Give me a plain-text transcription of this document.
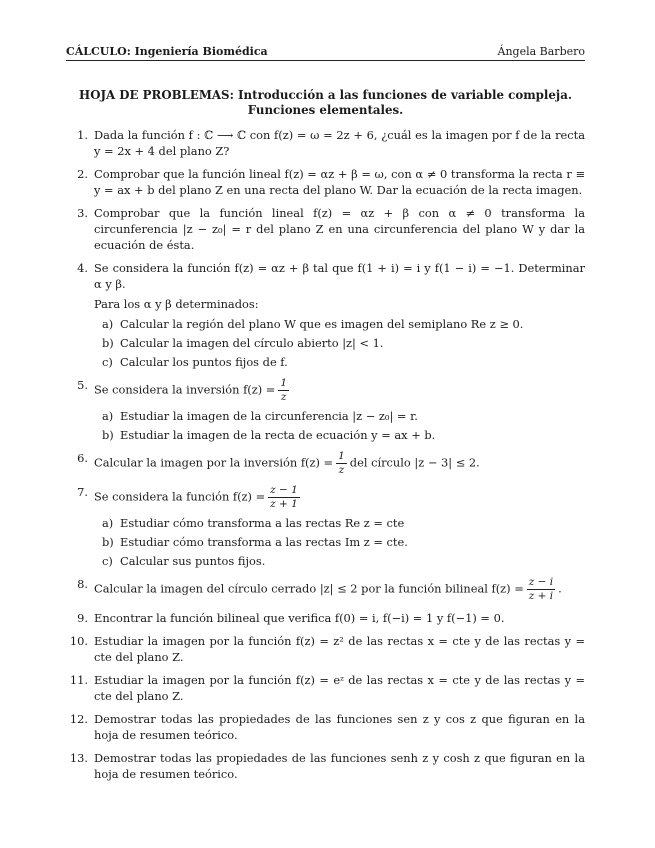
CÁLCULO: Ingeniería Biomédica	Ángela Barbero
HOJA DE PROBLEMAS: Introducción a las funciones de variable compleja.
Funciones elementales.
1. Dada la función f : ℂ ⟶ ℂ con f(z) = ω = 2z + 6, ¿cuál es la imagen por f de la recta y = 2x + 4 del plano Z?
2. Comprobar que la función lineal f(z) = αz + β = ω, con α ≠ 0 transforma la recta r ≡ y = ax + b del plano Z en una recta del plano W. Dar la ecuación de la recta imagen.
3. Comprobar que la función lineal f(z) = αz + β con α ≠ 0 transforma la circunferencia |z − z₀| = r del plano Z en una circunferencia del plano W y dar la ecuación de ésta.
4. Se considera la función f(z) = αz + β tal que f(1 + i) = i y f(1 − i) = −1. Determinar α y β.
Para los α y β determinados:
a) Calcular la región del plano W que es imagen del semiplano Re z ≥ 0.
b) Calcular la imagen del círculo abierto |z| < 1.
c) Calcular los puntos fijos de f.
5. Se considera la inversión $f(z) = \frac{1}{z}$
a) Estudiar la imagen de la circunferencia |z − z₀| = r.
b) Estudiar la imagen de la recta de ecuación y = ax + b.
6. Calcular la imagen por la inversión $f(z) = \frac{1}{z}$ del círculo |z − 3| ≤ 2.
7. Se considera la función $f(z) = \frac{z - 1}{z + 1}$
a) Estudiar cómo transforma a las rectas Re z = cte
b) Estudiar cómo transforma a las rectas Im z = cte.
c) Calcular sus puntos fijos.
8. Calcular la imagen del círculo cerrado |z| ≤ 2 por la función bilineal $f(z) = \frac{z - i}{z + i}$ .
9. Encontrar la función bilineal que verifica f(0) = i, f(−i) = 1 y f(−1) = 0.
10. Estudiar la imagen por la función f(z) = z² de las rectas x = cte y de las rectas y = cte del plano Z.
11. Estudiar la imagen por la función f(z) = eᶻ de las rectas x = cte y de las rectas y = cte del plano Z.
12. Demostrar todas las propiedades de las funciones sen z y cos z que figuran en la hoja de resumen teórico.
13. Demostrar todas las propiedades de las funciones senh z y cosh z que figuran en la hoja de resumen teórico.
